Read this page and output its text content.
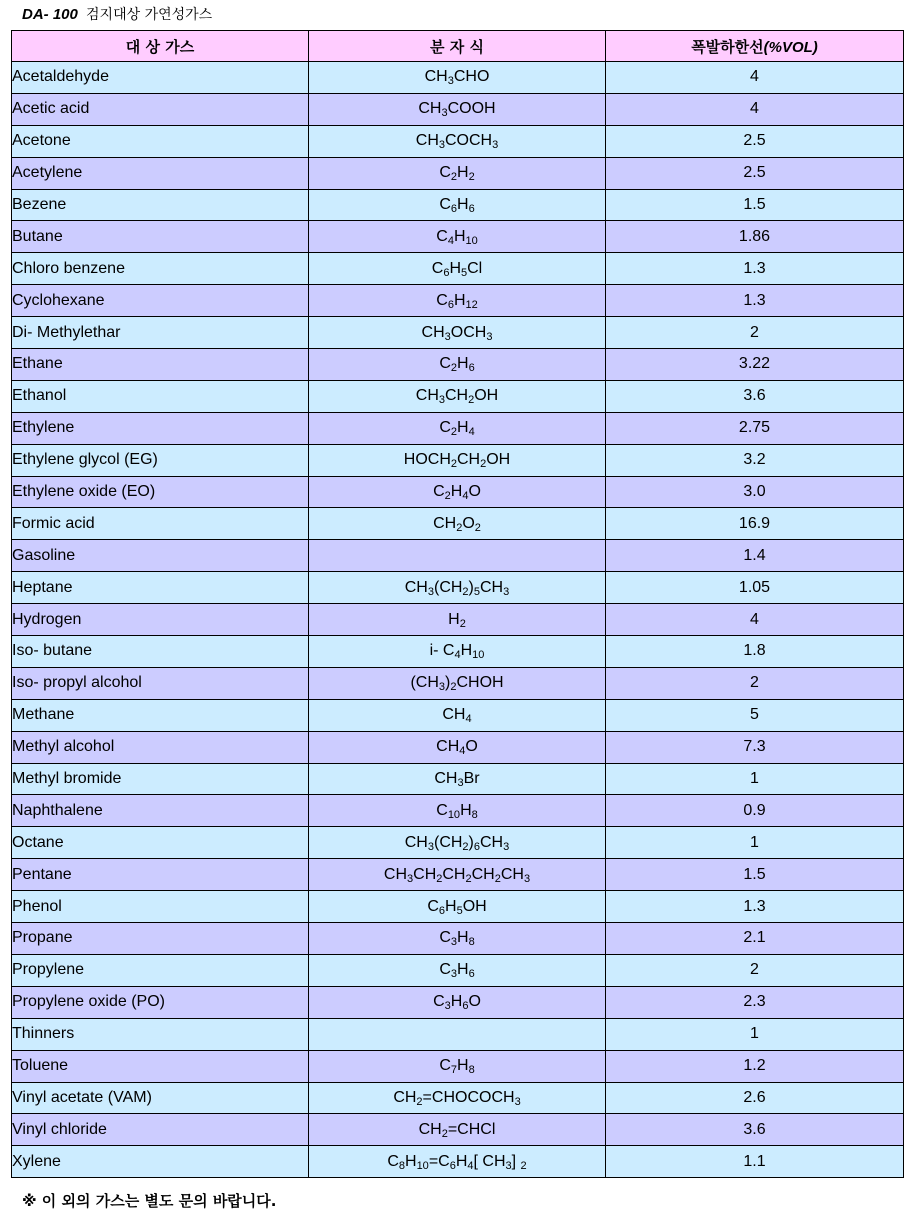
DA- 100 검지대상 가연성가스
대 상 가스	분 자 식	폭발하한선(%VOL)
Acetaldehyde	$CH_3CHO$	4
Acetic acid	$CH_3COOH$	4
Acetone	$CH_3COCH_3$	2.5
Acetylene	$C_2H_2$	2.5
Bezene	$C_6H_6$	1.5
Butane	$C_4H_{10}$	1.86
Chloro benzene	$C_6H_5Cl$	1.3
Cyclohexane	$C_6H_{12}$	1.3
Di- Methylethar	$CH_3OCH_3$	2
Ethane	$C_2H_6$	3.22
Ethanol	$CH_3CH_2OH$	3.6
Ethylene	$C_2H_4$	2.75
Ethylene glycol (EG)	$HOCH_2CH_2OH$	3.2
Ethylene oxide (EO)	$C_2H_4O$	3.0
Formic acid	$CH_2O_2$	16.9
Gasoline		1.4
Heptane	$CH_3(CH_2)_5CH_3$	1.05
Hydrogen	$H_2$	4
Iso- butane	i- $C_4H_{10}$	1.8
Iso- propyl alcohol	$(CH_3)_2CHOH$	2
Methane	$CH_4$	5
Methyl alcohol	$CH_4O$	7.3
Methyl bromide	$CH_3Br$	1
Naphthalene	$C_{10}H_8$	0.9
Octane	$CH_3(CH_2)_6CH_3$	1
Pentane	$CH_3CH_2CH_2CH_2CH_3$	1.5
Phenol	$C_6H_5OH$	1.3
Propane	$C_3H_8$	2.1
Propylene	$C_3H_6$	2
Propylene oxide (PO)	$C_3H_6O$	2.3
Thinners		1
Toluene	$C_7H_8$	1.2
Vinyl acetate (VAM)	$CH_2=CHOCOCH_3$	2.6
Vinyl chloride	$CH_2=CHCl$	3.6
Xylene	$C_8H_{10}=C_6H_4$[ $CH_3$] $_2$	1.1
※ 이 외의 가스는 별도 문의 바랍니다.
